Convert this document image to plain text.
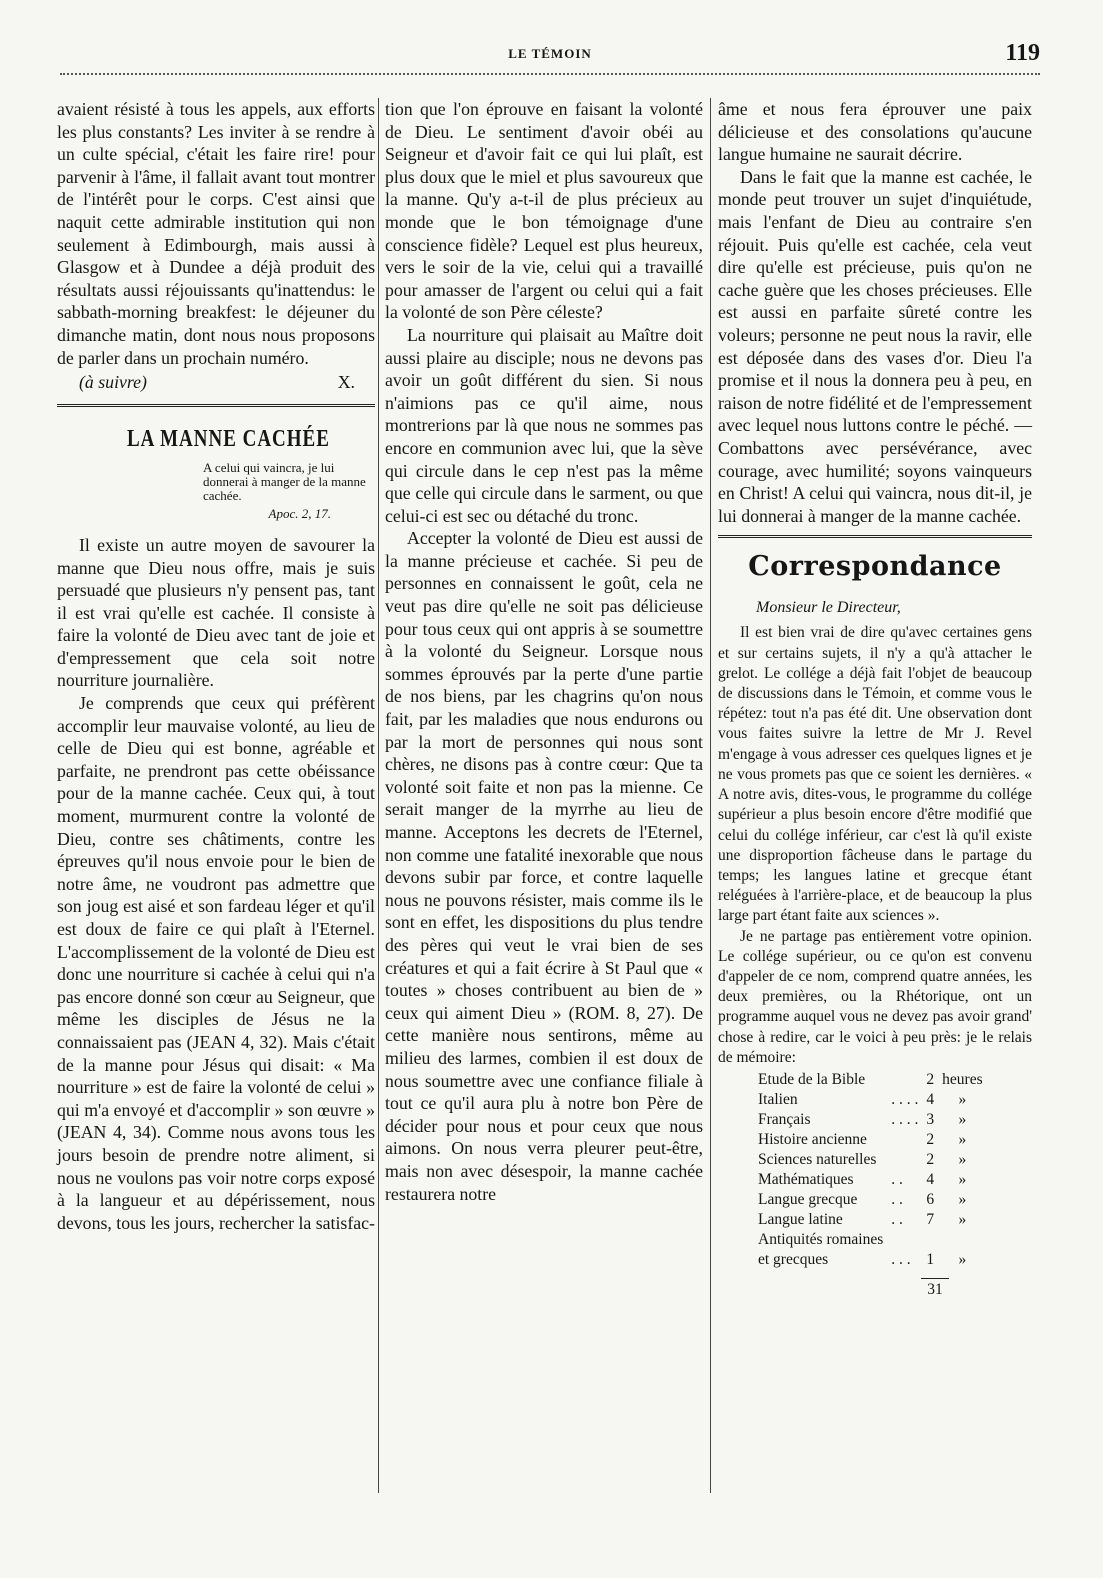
LE TÉMOIN	119

avaient résisté à tous les appels, aux efforts les plus constants? Les inviter à se rendre à un culte spécial, c'était les faire rire! pour parvenir à l'âme, il fallait avant tout montrer de l'intérêt pour le corps. C'est ainsi que naquit cette admirable institution qui non seulement à Edimbourgh, mais aussi à Glasgow et à Dundee a déjà produit des résultats aussi réjouissants qu'inattendus: le sabbath-morning breakfest: le déjeuner du dimanche matin, dont nous nous proposons de parler dans un prochain numéro.

(à suivre)	X.
LA MANNE CACHÉE
A celui qui vaincra, je lui donnerai à manger de la manne cachée.
Apoc. 2, 17.

Il existe un autre moyen de savourer la manne que Dieu nous offre, mais je suis persuadé que plusieurs n'y pensent pas, tant il est vrai qu'elle est cachée. Il consiste à faire la volonté de Dieu avec tant de joie et d'empressement que cela soit notre nourriture journalière.

Je comprends que ceux qui préfèrent accomplir leur mauvaise volonté, au lieu de celle de Dieu qui est bonne, agréable et parfaite, ne prendront pas cette obéissance pour de la manne cachée. Ceux qui, à tout moment, murmurent contre la volonté de Dieu, contre ses châtiments, contre les épreuves qu'il nous envoie pour le bien de notre âme, ne voudront pas admettre que son joug est aisé et son fardeau léger et qu'il est doux de faire ce qui plaît à l'Eternel. L'accomplissement de la volonté de Dieu est donc une nourriture si cachée à celui qui n'a pas encore donné son cœur au Seigneur, que même les disciples de Jésus ne la connaissaient pas (JEAN 4, 32). Mais c'était de la manne pour Jésus qui disait: « Ma nourriture » est de faire la volonté de celui » qui m'a envoyé et d'accomplir » son œuvre » (JEAN 4, 34). Comme nous avons tous les jours besoin de prendre notre aliment, si nous ne voulons pas voir notre corps exposé à la langueur et au dépérissement, nous devons, tous les jours, rechercher la satisfac-

tion que l'on éprouve en faisant la volonté de Dieu. Le sentiment d'avoir obéi au Seigneur et d'avoir fait ce qui lui plaît, est plus doux que le miel et plus savoureux que la manne. Qu'y a-t-il de plus précieux au monde que le bon témoignage d'une conscience fidèle? Lequel est plus heureux, vers le soir de la vie, celui qui a travaillé pour amasser de l'argent ou celui qui a fait la volonté de son Père céleste?

La nourriture qui plaisait au Maître doit aussi plaire au disciple; nous ne devons pas avoir un goût différent du sien. Si nous n'aimions pas ce qu'il aime, nous montrerions par là que nous ne sommes pas encore en communion avec lui, que la sève qui circule dans le cep n'est pas la même que celle qui circule dans le sarment, ou que celui-ci est sec ou détaché du tronc.

Accepter la volonté de Dieu est aussi de la manne précieuse et cachée. Si peu de personnes en connaissent le goût, cela ne veut pas dire qu'elle ne soit pas délicieuse pour tous ceux qui ont appris à se soumettre à la volonté du Seigneur. Lorsque nous sommes éprouvés par la perte d'une partie de nos biens, par les chagrins qu'on nous fait, par les maladies que nous endurons ou par la mort de personnes qui nous sont chères, ne disons pas à contre cœur: Que ta volonté soit faite et non pas la mienne. Ce serait manger de la myrrhe au lieu de manne. Acceptons les decrets de l'Eternel, non comme une fatalité inexorable que nous devons subir par force, et contre laquelle nous ne pouvons résister, mais comme ils le sont en effet, les dispositions du plus tendre des pères qui veut le vrai bien de ses créatures et qui a fait écrire à St Paul que « toutes » choses contribuent au bien de » ceux qui aiment Dieu » (ROM. 8, 27). De cette manière nous sentirons, même au milieu des larmes, combien il est doux de nous soumettre avec une confiance filiale à tout ce qu'il aura plu à notre bon Père de décider pour nous et pour ceux que nous aimons. On nous verra pleurer peut-être, mais non avec désespoir, la manne cachée restaurera notre

âme et nous fera éprouver une paix délicieuse et des consolations qu'aucune langue humaine ne saurait décrire.

Dans le fait que la manne est cachée, le monde peut trouver un sujet d'inquiétude, mais l'enfant de Dieu au contraire s'en réjouit. Puis qu'elle est cachée, cela veut dire qu'elle est précieuse, puis qu'on ne cache guère que les choses précieuses. Elle est aussi en parfaite sûreté contre les voleurs; personne ne peut nous la ravir, elle est déposée dans des vases d'or. Dieu l'a promise et il nous la donnera peu à peu, en raison de notre fidélité et de l'empressement avec lequel nous luttons contre le péché. — Combattons avec persévérance, avec courage, avec humilité; soyons vainqueurs en Christ! A celui qui vaincra, nous dit-il, je lui donnerai à manger de la manne cachée.

Correspondance
Monsieur le Directeur,

Il est bien vrai de dire qu'avec certaines gens et sur certains sujets, il n'y a qu'à attacher le grelot. Le collége a déjà fait l'objet de beaucoup de discussions dans le Témoin, et comme vous le répétez: tout n'a pas été dit. Une observation dont vous faites suivre la lettre de Mr J. Revel m'engage à vous adresser ces quelques lignes et je ne vous promets pas que ce soient les dernières. « A notre avis, dites-vous, le programme du collége supérieur a plus besoin encore d'être modifié que celui du collége inférieur, car c'est là qu'il existe une disproportion fâcheuse dans le partage du temps; les langues latine et grecque étant reléguées à l'arrière-place, et de beaucoup la plus large part étant faite aux sciences ».

Je ne partage pas entièrement votre opinion. Le collége supérieur, ou ce qu'on est convenu d'appeler de ce nom, comprend quatre années, les deux premières, ou la Rhétorique, ont un programme auquel vous ne devez pas avoir grand' chose à redire, car le voici à peu près: je le relais de mémoire:

Etude de la Bible		2	heures
Italien	. . . .	4	»
Français	. . . .	3	»
Histoire ancienne		2	»
Sciences naturelles		2	»
Mathématiques	. .	4	»
Langue grecque	. .	6	»
Langue latine	. .	7	»
Antiquités romaines			
et grecques	. . .	1	»
31
